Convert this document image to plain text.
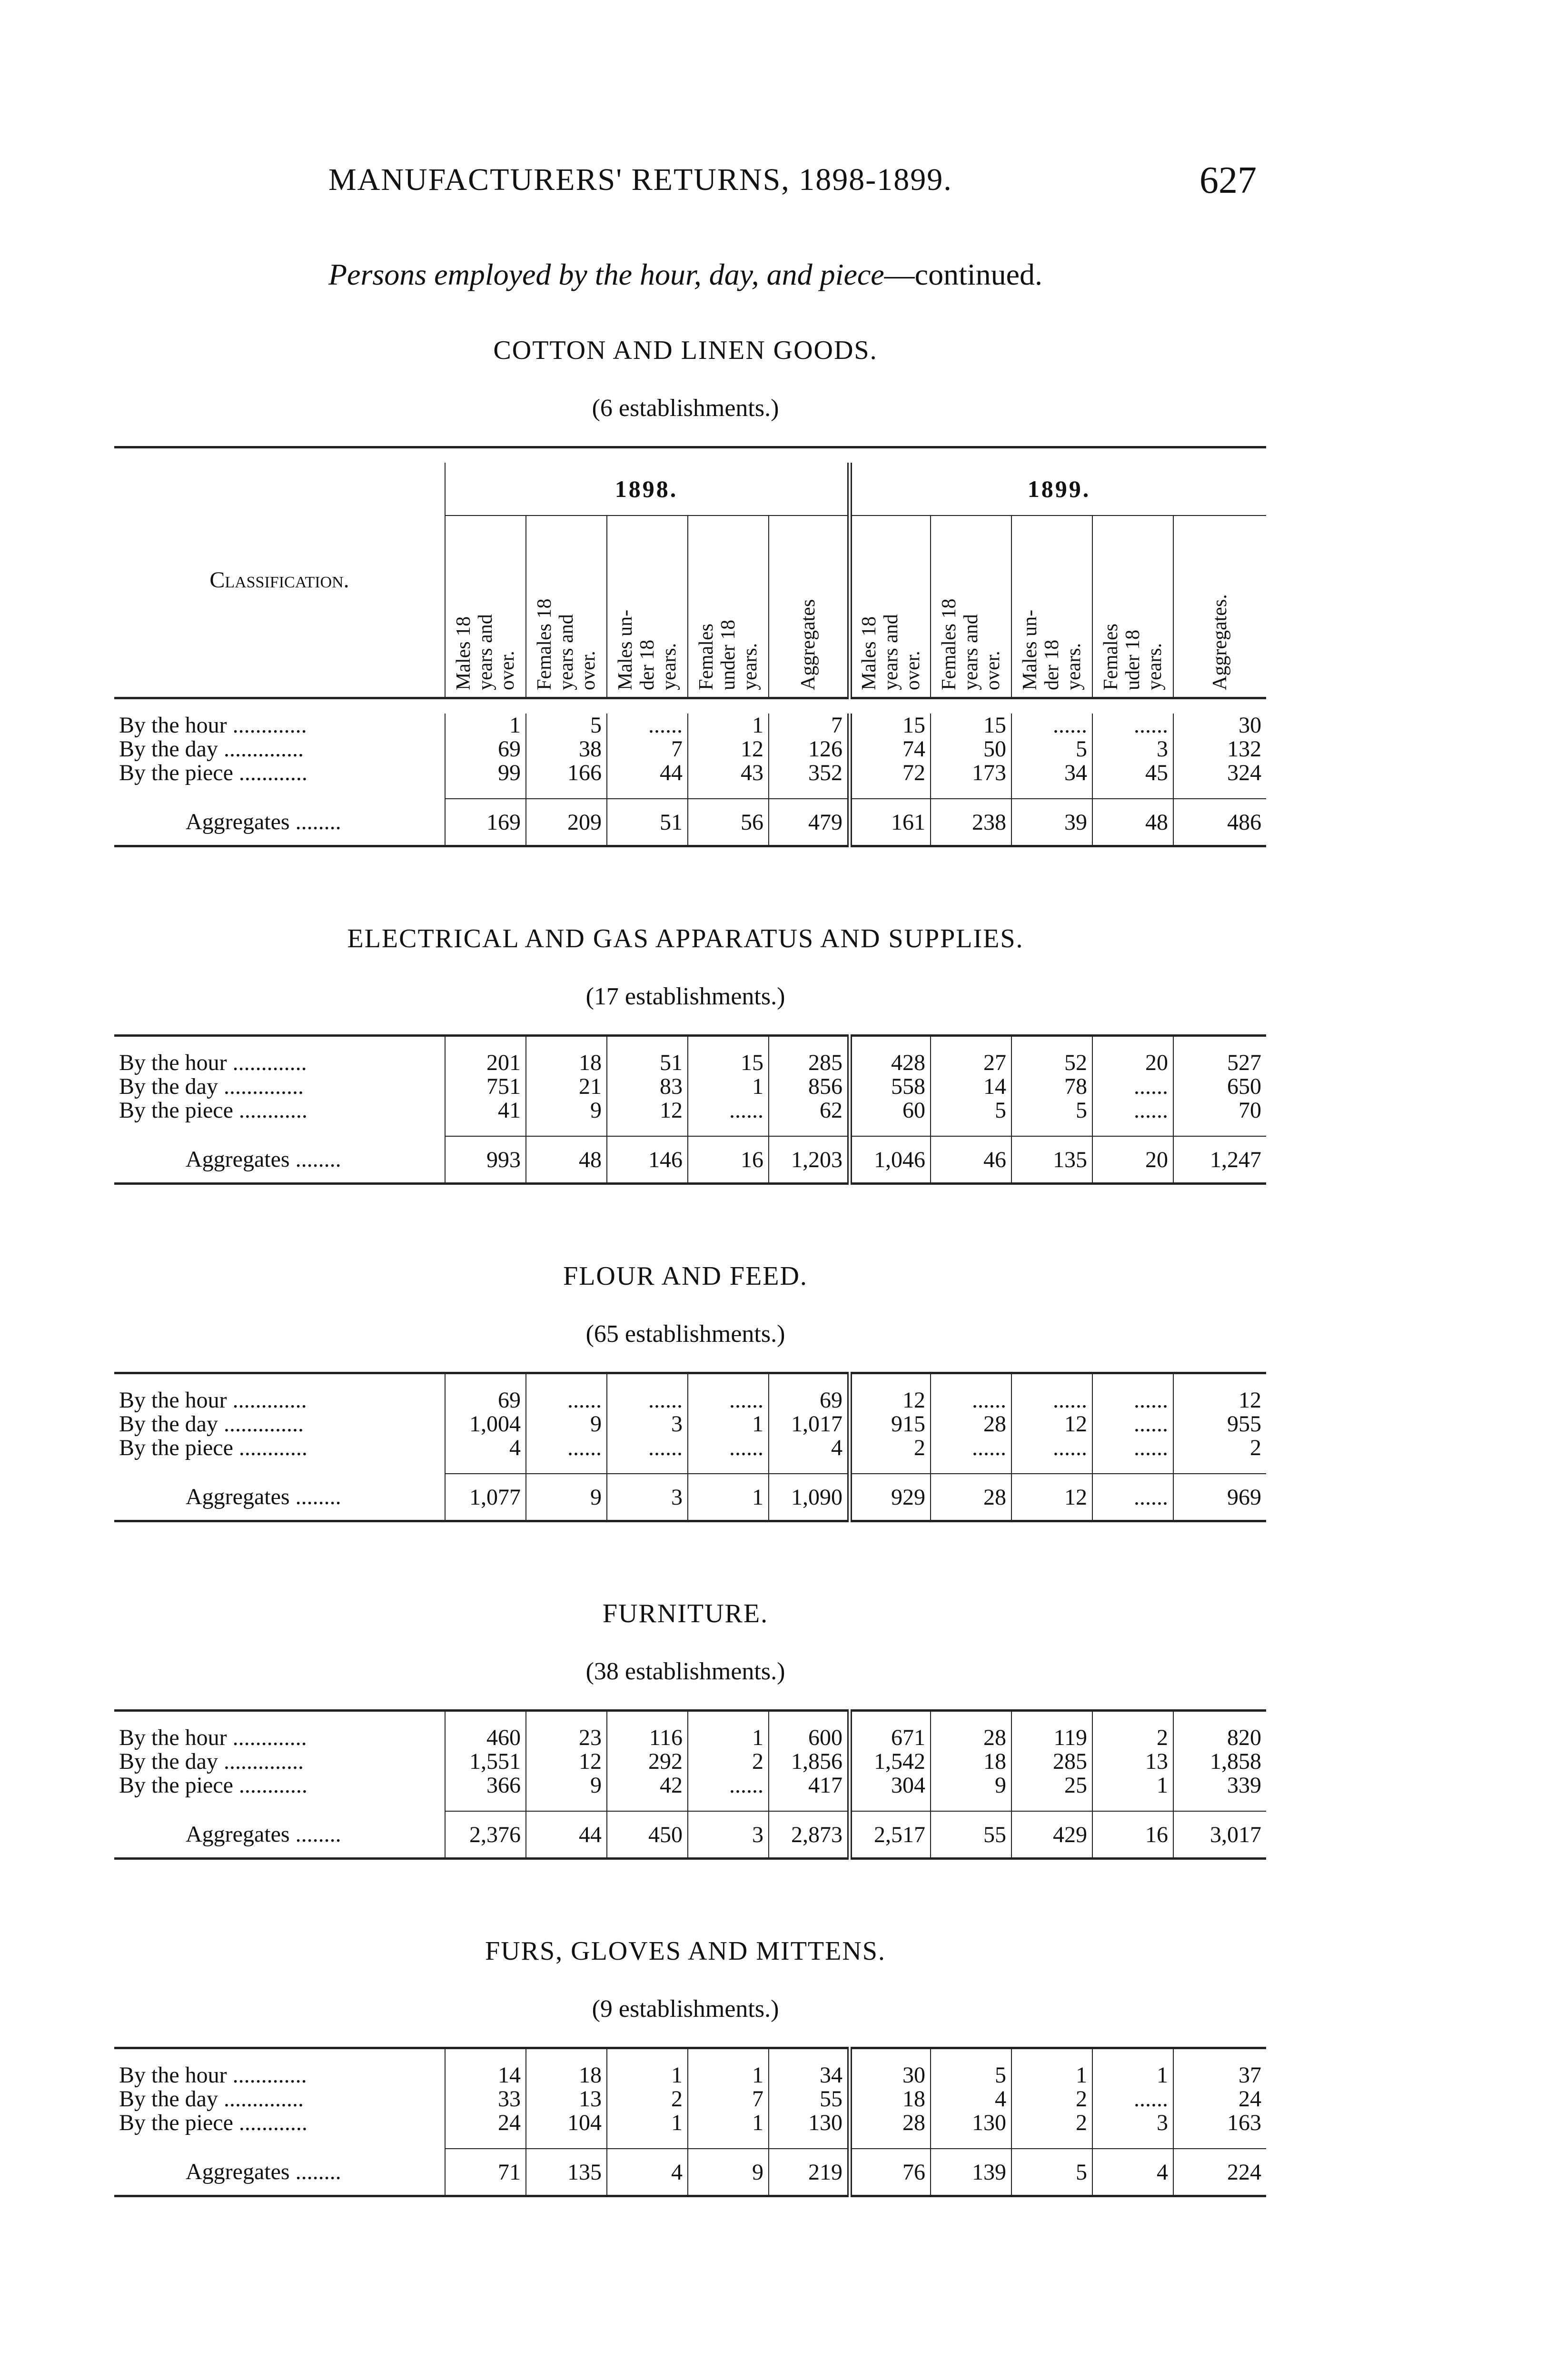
MANUFACTURERS' RETURNS, 1898-1899.	627
Persons employed by the hour, day, and piece—continued.
COTTON AND LINEN GOODS.
(6 establishments.)

Classification.	1898.					1899.				

	Males 18
years and
over.	Females 18
years and
over.	Males un-
der 18
years.	Females
under 18
years.	Aggregates	Males 18
years and
over.	Females 18
years and
over.	Males un-
der 18
years.	Females
uder 18
years.	Aggregates.

By the hour .............	1	5	......	1	7	15	15	......	......	30
By the day ..............	69	38	7	12	126	74	50	5	3	132
By the piece ............	99	166	44	43	352	72	173	34	45	324

Aggregates ........	169	209	51	56	479	161	238	39	48	486

ELECTRICAL AND GAS APPARATUS AND SUPPLIES.
(17 establishments.)

By the hour .............	201	18	51	15	285	428	27	52	20	527
By the day ..............	751	21	83	1	856	558	14	78	......	650
By the piece ............	41	9	12	......	62	60	5	5	......	70

Aggregates ........	993	48	146	16	1,203	1,046	46	135	20	1,247

FLOUR AND FEED.
(65 establishments.)

By the hour .............	69	......	......	......	69	12	......	......	......	12
By the day ..............	1,004	9	3	1	1,017	915	28	12	......	955
By the piece ............	4	......	......	......	4	2	......	......	......	2

Aggregates ........	1,077	9	3	1	1,090	929	28	12	......	969

FURNITURE.
(38 establishments.)

By the hour .............	460	23	116	1	600	671	28	119	2	820
By the day ..............	1,551	12	292	2	1,856	1,542	18	285	13	1,858
By the piece ............	366	9	42	......	417	304	9	25	1	339

Aggregates ........	2,376	44	450	3	2,873	2,517	55	429	16	3,017

FURS, GLOVES AND MITTENS.
(9 establishments.)

By the hour .............	14	18	1	1	34	30	5	1	1	37
By the day ..............	33	13	2	7	55	18	4	2	......	24
By the piece ............	24	104	1	1	130	28	130	2	3	163

Aggregates ........	71	135	4	9	219	76	139	5	4	224
